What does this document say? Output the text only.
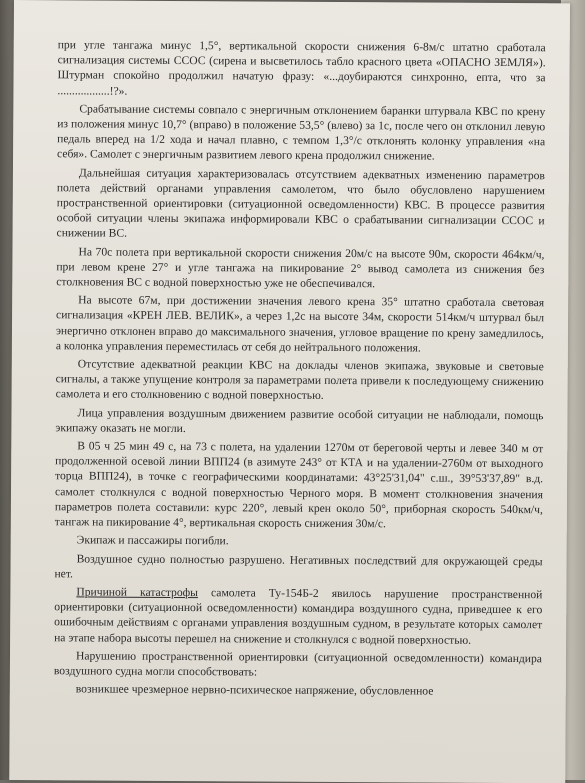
при угле тангажа минус 1,5°, вертикальной скорости снижения 6-8м/с штатно сработала сигнализация системы ССОС (сирена и высветилось табло красного цвета «ОПАСНО ЗЕМЛЯ»). Штурман спокойно продолжил начатую фразу: «...доубираются синхронно, епта, что за ..................!?».

Срабатывание системы совпало с энергичным отклонением баранки штурвала КВС по крену из положения минус 10,7° (вправо) в положение 53,5° (влево) за 1с, после чего он отклонил левую педаль вперед на 1/2 хода и начал плавно, с темпом 1,3°/с отклонять колонку управления «на себя». Самолет с энергичным развитием левого крена продолжил снижение.

Дальнейшая ситуация характеризовалась отсутствием адекватных изменению параметров полета действий органами управления самолетом, что было обусловлено нарушением пространственной ориентировки (ситуационной осведомленности) КВС. В процессе развития особой ситуации члены экипажа информировали КВС о срабатывании сигнализации ССОС и снижении ВС.

На 70с полета при вертикальной скорости снижения 20м/с на высоте 90м, скорости 464км/ч, при левом крене 27° и угле тангажа на пикирование 2° вывод самолета из снижения без столкновения ВС с водной поверхностью уже не обеспечивался.

На высоте 67м, при достижении значения левого крена 35° штатно сработала световая сигнализация «КРЕН ЛЕВ. ВЕЛИК», а через 1,2с на высоте 34м, скорости 514км/ч штурвал был энергично отклонен вправо до максимального значения, угловое вращение по крену замедлилось, а колонка управления переместилась от себя до нейтрального положения.

Отсутствие адекватной реакции КВС на доклады членов экипажа, звуковые и световые сигналы, а также упущение контроля за параметрами полета привели к последующему снижению самолета и его столкновению с водной поверхностью.

Лица управления воздушным движением развитие особой ситуации не наблюдали, помощь экипажу оказать не могли.

В 05 ч 25 мин 49 с, на 73 с полета, на удалении 1270м от береговой черты и левее 340 м от продолженной осевой линии ВПП24 (в азимуте 243° от КТА и на удалении-2760м от выходного торца ВПП24), в точке с географическими координатами: 43°25'31,04" с.ш., 39°53'37,89" в.д. самолет столкнулся с водной поверхностью Черного моря. В момент столкновения значения параметров полета составили: курс 220°, левый крен около 50°, приборная скорость 540км/ч, тангаж на пикирование 4°, вертикальная скорость снижения 30м/с.

Экипаж и пассажиры погибли.

Воздушное судно полностью разрушено. Негативных последствий для окружающей среды нет.

Причиной катастрофы самолета Ту-154Б-2 явилось нарушение пространственной ориентировки (ситуационной осведомленности) командира воздушного судна, приведшее к его ошибочным действиям с органами управления воздушным судном, в результате которых самолет на этапе набора высоты перешел на снижение и столкнулся с водной поверхностью.

Нарушению пространственной ориентировки (ситуационной осведомленности) командира воздушного судна могли способствовать:

возникшее чрезмерное нервно-психическое напряжение, обусловленное
